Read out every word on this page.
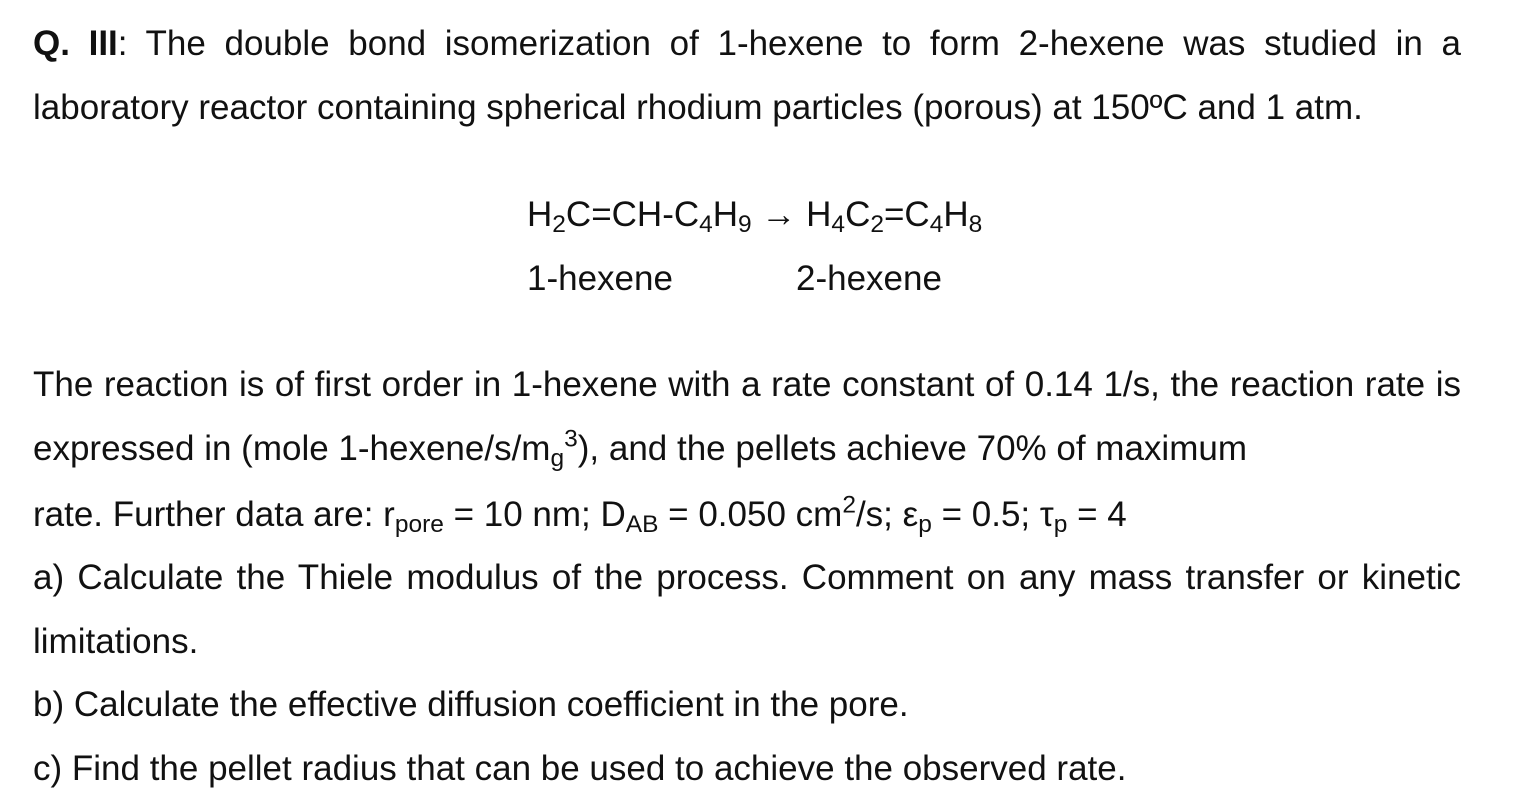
Q. III: The double bond isomerization of 1-hexene to form 2-hexene was studied in a laboratory reactor containing spherical rhodium particles (porous) at 150ºC and 1 atm.

$H_2C=CH-C_4H_9 \to H_4C_2=C_4H_8$
1-hexene	2-hexene

The reaction is of first order in 1-hexene with a rate constant of 0.14 1/s, the reaction rate is expressed in (mole $1-hexene/s/m_g^3$), and the pellets achieve 70% of maximum

rate. Further data are: rpore = 10 nm; DAB = 0.050 $cm^2/s$; εp = 0.5; τp = 4

a) Calculate the Thiele modulus of the process. Comment on any mass transfer or kinetic limitations.

b) Calculate the effective diffusion coefficient in the pore.
c) Find the pellet radius that can be used to achieve the observed rate.
